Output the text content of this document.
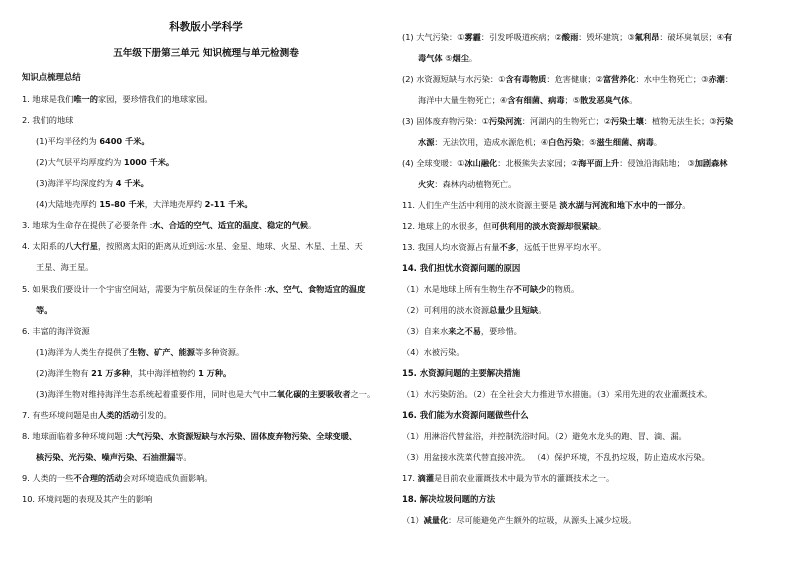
科教版小学科学
五年级下册第三单元 知识梳理与单元检测卷
知识点梳理总结
1. 地球是我们唯一的家园，要珍惜我们的地球家园。
2. 我们的地球
(1)平均半径约为 6400 千米。
(2)大气层平均厚度约为 1000 千米。
(3)海洋平均深度约为 4 千米。
(4)大陆地壳厚约 15-80 千米，大洋地壳厚约 2-11 千米。
3. 地球为生命存在提供了必要条件 :水、合适的空气、适宜的温度、稳定的气候。
4. 太阳系的八大行星，按照离太阳的距离从近到远:水星、金星、地球、火星、木星、土星、天
王星、海王星。
5. 如果我们要设计一个宇宙空间站，需要为宇航员保证的生存条件 :水、空气、食物适宜的温度
等。
6. 丰富的海洋资源
(1)海洋为人类生存提供了生物、矿产、能源等多种资源。
(2)海洋生物有 21 万多种，其中海洋植物约 1 万种。
(3)海洋生物对维持海洋生态系统起着重要作用，同时也是大气中二氧化碳的主要吸收者之一。
7. 有些环境问题是由人类的活动引发的。
8. 地球面临着多种环境问题 :大气污染、水资源短缺与水污染、固体废弃物污染、全球变暖、
核污染、光污染、噪声污染、石油泄漏等。
9. 人类的一些不合理的活动会对环境造成负面影响。
10. 环境问题的表现及其产生的影响
(1) 大气污染：①雾霾：引发呼吸道疾病；②酸雨：毁坏建筑；③氟利昂：破坏臭氧层；④有
毒气体 ⑤烟尘。
(2) 水资源短缺与水污染：①含有毒物质：危害健康；②富营养化：水中生物死亡；③赤潮：
海洋中大量生物死亡；④含有细菌、病毒；⑤散发恶臭气体。
(3) 固体废弃物污染：①污染河流：河湖内的生物死亡；②污染土壤：植物无法生长；③污染
水源：无法饮用，造成水源危机；④白色污染；⑤滋生细菌、病毒。
(4) 全球变暖：①冰山融化：北极熊失去家园；②海平面上升：侵蚀沿海陆地； ③加剧森林
火灾：森林内动植物死亡。
11. 人们生产生活中利用的淡水资源主要是 淡水湖与河流和地下水中的一部分。
12. 地球上的水很多，但可供利用的淡水资源却很紧缺。
13. 我国人均水资源占有量不多，远低于世界平均水平。
14. 我们担忧水资源问题的原因
（1）水是地球上所有生物生存不可缺少的物质。
（2）可利用的淡水资源总量少且短缺。
（3）自来水来之不易，要珍惜。
（4）水被污染。
15. 水资源问题的主要解决措施
（1）水污染防治。（2）在全社会大力推进节水措施。（3）采用先进的农业灌溉技术。
16. 我们能为水资源问题做些什么
（1）用淋浴代替盆浴，并控制洗浴时间。（2）避免水龙头的跑、冒、滴、漏。
（3）用盆接水洗菜代替直接冲洗。 （4）保护环境，不乱扔垃圾，防止造成水污染。
17. 滴灌是目前农业灌溉技术中最为节水的灌溉技术之一。
18. 解决垃圾问题的方法
（1）减量化：尽可能避免产生额外的垃圾，从源头上减少垃圾。
